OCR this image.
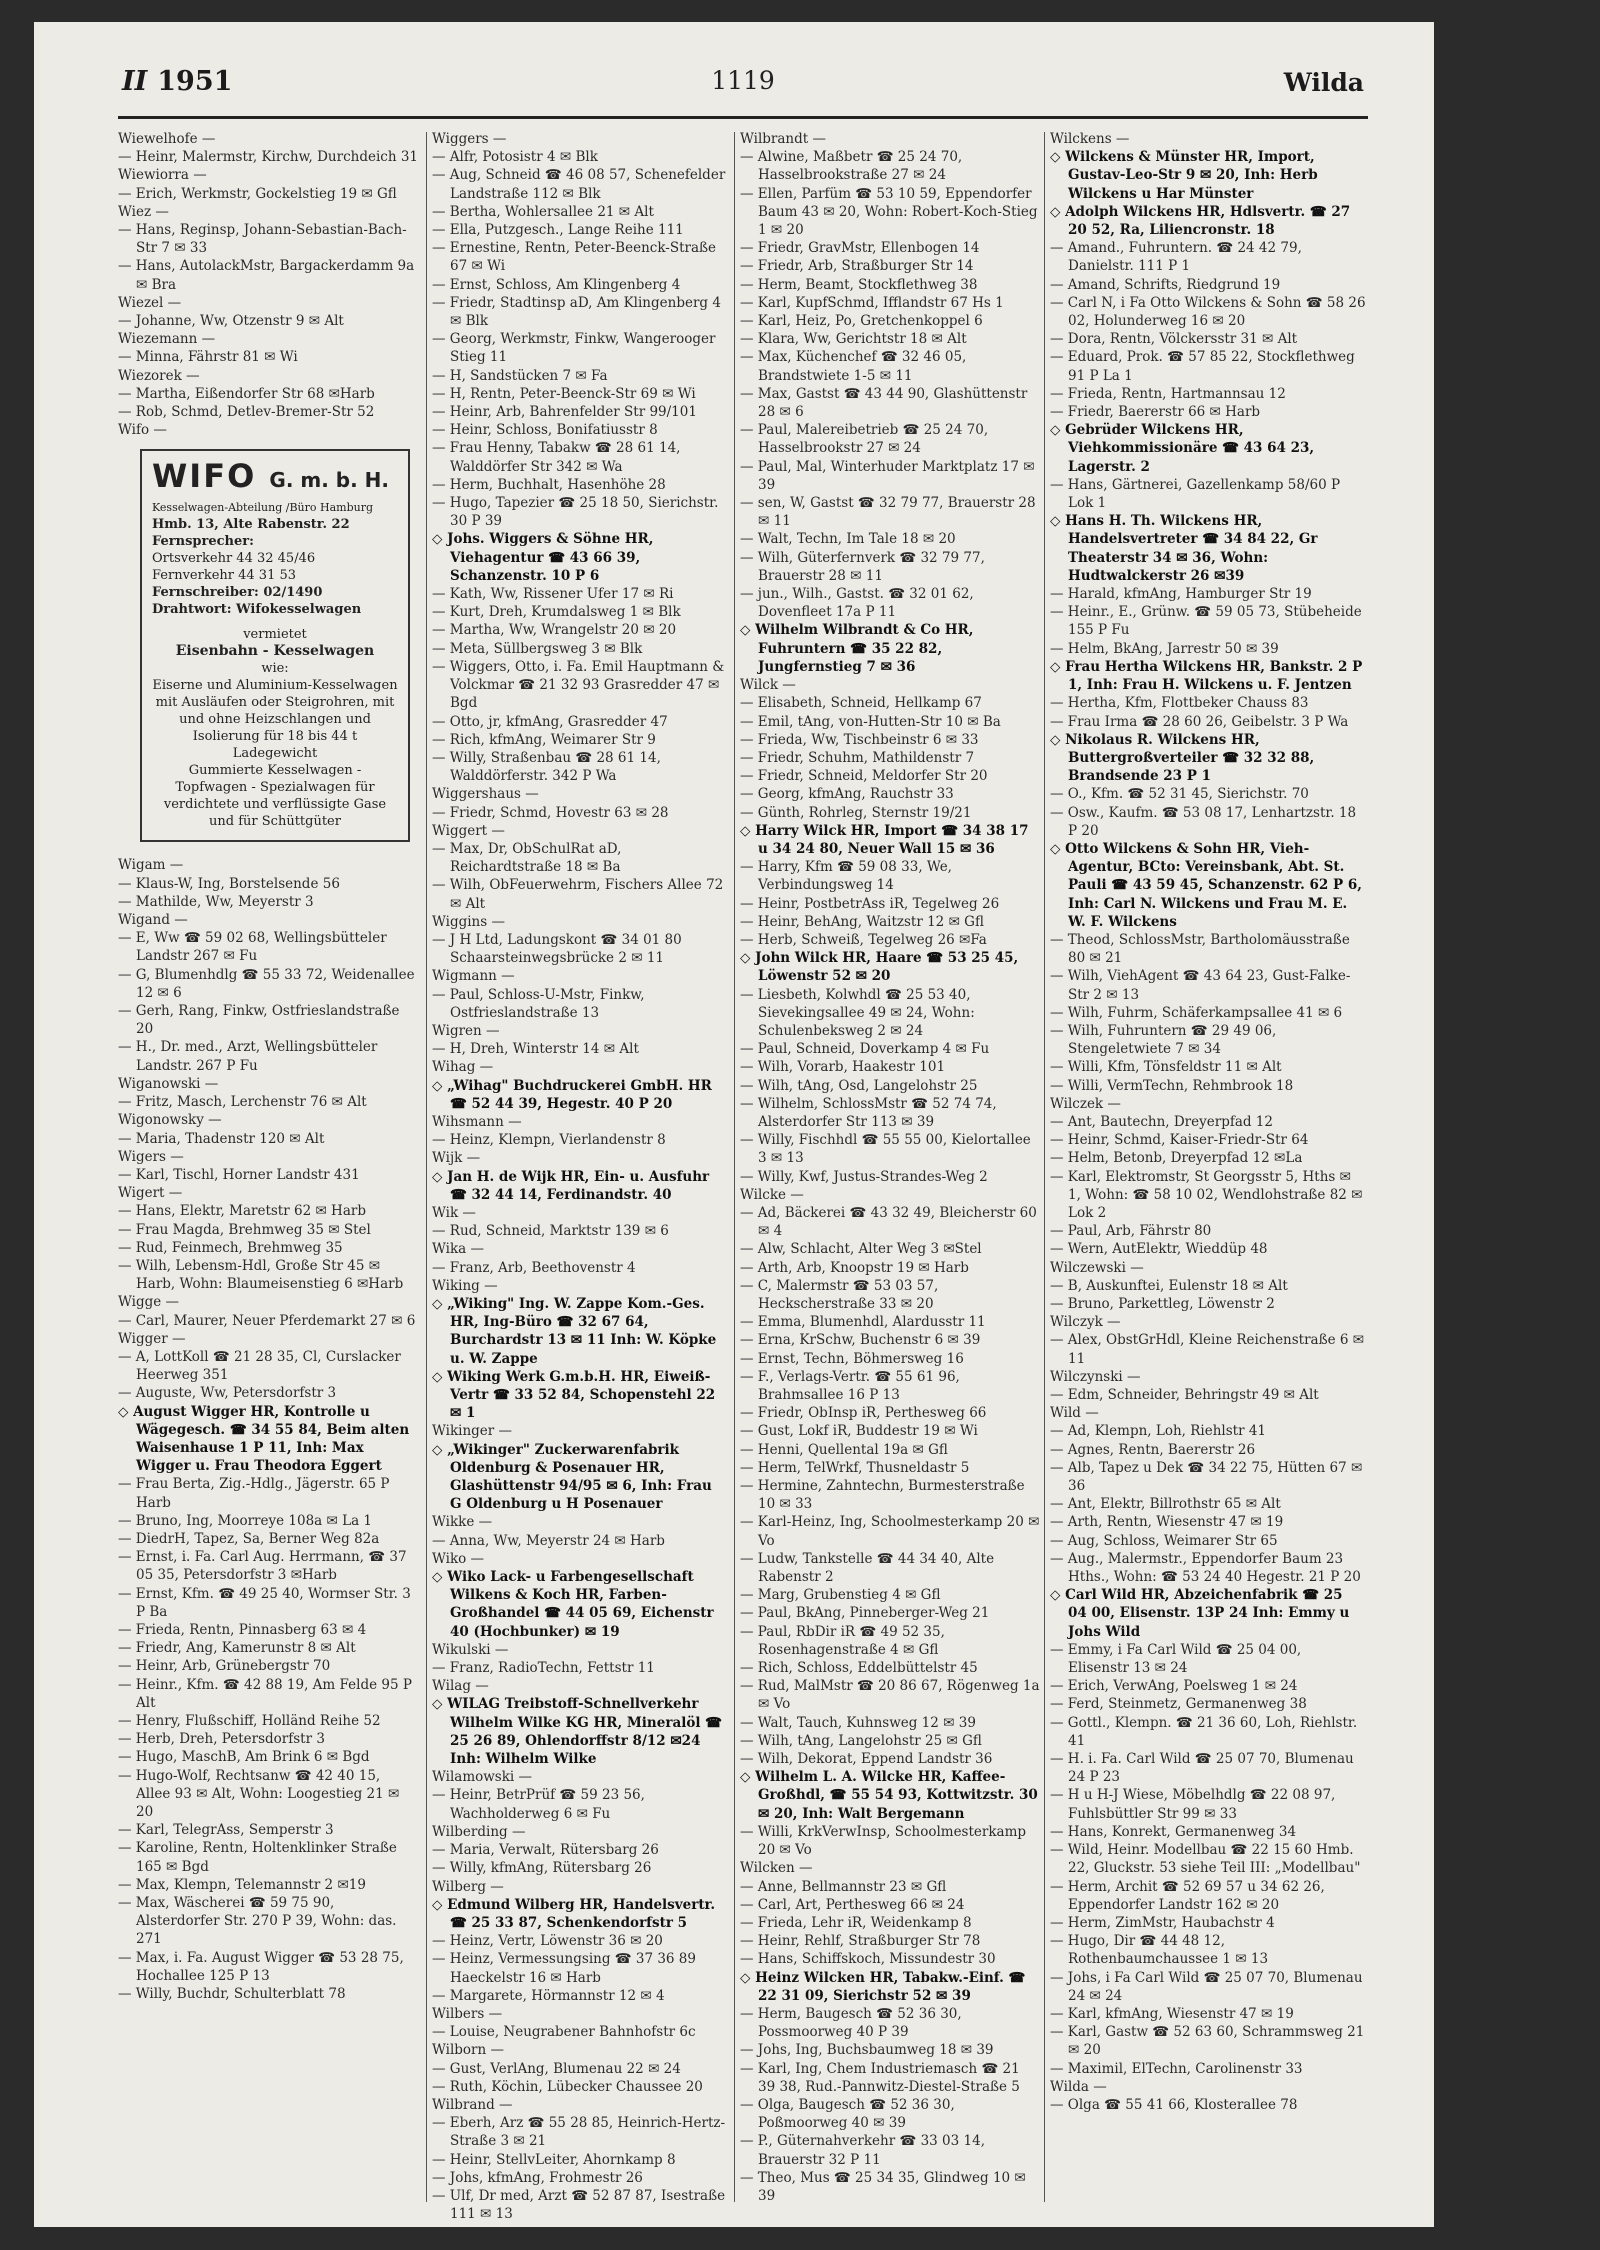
II 1951	1119	Wilda

Wiewelhofe —

— Heinr, Malermstr, Kirchw, Durchdeich 31

Wiewiorra —

— Erich, Werkmstr, Gockelstieg 19 ✉ Gfl

Wiez —

— Hans, Reginsp, Johann-Sebastian-Bach-Str 7 ✉ 33

— Hans, AutolackMstr, Bargackerdamm 9a ✉ Bra

Wiezel —

— Johanne, Ww, Otzenstr 9 ✉ Alt

Wiezemann —

— Minna, Fährstr 81 ✉ Wi

Wiezorek —

— Martha, Eißendorfer Str 68 ✉Harb

— Rob, Schmd, Detlev-Bremer-Str 52

Wifo —

WIFO G. m. b. H.
Kesselwagen-Abteilung /Büro Hamburg
Hmb. 13, Alte Rabenstr. 22
Fernsprecher:
Ortsverkehr 44 32 45/46
Fernverkehr 44 31 53
Fernschreiber: 02/1490
Drahtwort: Wifokesselwagen
vermietet
Eisenbahn - Kesselwagen
wie:
Eiserne und Aluminium-Kesselwagen mit Ausläufen oder Steigrohren, mit und ohne Heizschlangen und Isolierung für 18 bis 44 t Ladegewicht
Gummierte Kesselwagen - Topfwagen - Spezialwagen für verdichtete und verflüssigte Gase und für Schüttgüter

Wigam —

— Klaus-W, Ing, Borstelsende 56

— Mathilde, Ww, Meyerstr 3

Wigand —

— E, Ww ☎ 59 02 68, Wellingsbütteler Landstr 267 ✉ Fu

— G, Blumenhdlg ☎ 55 33 72, Weidenallee 12 ✉ 6

— Gerh, Rang, Finkw, Ostfrieslandstraße 20

— H., Dr. med., Arzt, Wellingsbütteler Landstr. 267 P Fu

Wiganowski —

— Fritz, Masch, Lerchenstr 76 ✉ Alt

Wigonowsky —

— Maria, Thadenstr 120 ✉ Alt

Wigers —

— Karl, Tischl, Horner Landstr 431

Wigert —

— Hans, Elektr, Maretstr 62 ✉ Harb

— Frau Magda, Brehmweg 35 ✉ Stel

— Rud, Feinmech, Brehmweg 35

— Wilh, Lebensm-Hdl, Große Str 45 ✉Harb, Wohn: Blaumeisenstieg 6 ✉Harb

Wigge —

— Carl, Maurer, Neuer Pferdemarkt 27 ✉ 6

Wigger —

— A, LottKoll ☎ 21 28 35, Cl, Curslacker Heerweg 351

— Auguste, Ww, Petersdorfstr 3

◇ August Wigger HR, Kontrolle u Wägegesch. ☎ 34 55 84, Beim alten Waisenhause 1 P 11, Inh: Max Wigger u. Frau Theodora Eggert

— Frau Berta, Zig.-Hdlg., Jägerstr. 65 P Harb

— Bruno, Ing, Moorreye 108a ✉ La 1

— DiedrH, Tapez, Sa, Berner Weg 82a

— Ernst, i. Fa. Carl Aug. Herrmann, ☎ 37 05 35, Petersdorfstr 3 ✉Harb

— Ernst, Kfm. ☎ 49 25 40, Wormser Str. 3 P Ba

— Frieda, Rentn, Pinnasberg 63 ✉ 4

— Friedr, Ang, Kamerunstr 8 ✉ Alt

— Heinr, Arb, Grünebergstr 70

— Heinr., Kfm. ☎ 42 88 19, Am Felde 95 P Alt

— Henry, Flußschiff, Holländ Reihe 52

— Herb, Dreh, Petersdorfstr 3

— Hugo, MaschB, Am Brink 6 ✉ Bgd

— Hugo-Wolf, Rechtsanw ☎ 42 40 15, Allee 93 ✉ Alt, Wohn: Loogestieg 21 ✉ 20

— Karl, TelegrAss, Semperstr 3

— Karoline, Rentn, Holtenklinker Straße 165 ✉ Bgd

— Max, Klempn, Telemannstr 2 ✉19

— Max, Wäscherei ☎ 59 75 90, Alsterdorfer Str. 270 P 39, Wohn: das. 271

— Max, i. Fa. August Wigger ☎ 53 28 75, Hochallee 125 P 13

— Willy, Buchdr, Schulterblatt 78

Wiggers —

— Alfr, Potosistr 4 ✉ Blk

— Aug, Schneid ☎ 46 08 57, Schenefelder Landstraße 112 ✉ Blk

— Bertha, Wohlersallee 21 ✉ Alt

— Ella, Putzgesch., Lange Reihe 111

— Ernestine, Rentn, Peter-Beenck-Straße 67 ✉ Wi

— Ernst, Schloss, Am Klingenberg 4

— Friedr, Stadtinsp aD, Am Klingenberg 4 ✉ Blk

— Georg, Werkmstr, Finkw, Wangerooger Stieg 11

— H, Sandstücken 7 ✉ Fa

— H, Rentn, Peter-Beenck-Str 69 ✉ Wi

— Heinr, Arb, Bahrenfelder Str 99/101

— Heinr, Schloss, Bonifatiusstr 8

— Frau Henny, Tabakw ☎ 28 61 14, Walddörfer Str 342 ✉ Wa

— Herm, Buchhalt, Hasenhöhe 28

— Hugo, Tapezier ☎ 25 18 50, Sierichstr. 30 P 39

◇ Johs. Wiggers & Söhne HR, Viehagentur ☎ 43 66 39, Schanzenstr. 10 P 6

— Kath, Ww, Rissener Ufer 17 ✉ Ri

— Kurt, Dreh, Krumdalsweg 1 ✉ Blk

— Martha, Ww, Wrangelstr 20 ✉ 20

— Meta, Süllbergsweg 3 ✉ Blk

— Wiggers, Otto, i. Fa. Emil Hauptmann & Volckmar ☎ 21 32 93 Grasredder 47 ✉ Bgd

— Otto, jr, kfmAng, Grasredder 47

— Rich, kfmAng, Weimarer Str 9

— Willy, Straßenbau ☎ 28 61 14, Walddörferstr. 342 P Wa

Wiggershaus —

— Friedr, Schmd, Hovestr 63 ✉ 28

Wiggert —

— Max, Dr, ObSchulRat aD, Reichardtstraße 18 ✉ Ba

— Wilh, ObFeuerwehrm, Fischers Allee 72 ✉ Alt

Wiggins —

— J H Ltd, Ladungskont ☎ 34 01 80 Schaarsteinwegsbrücke 2 ✉ 11

Wigmann —

— Paul, Schloss-U-Mstr, Finkw, Ostfrieslandstraße 13

Wigren —

— H, Dreh, Winterstr 14 ✉ Alt

Wihag —

◇ „Wihag" Buchdruckerei GmbH. HR ☎ 52 44 39, Hegestr. 40 P 20

Wihsmann —

— Heinz, Klempn, Vierlandenstr 8

Wijk —

◇ Jan H. de Wijk HR, Ein- u. Ausfuhr ☎ 32 44 14, Ferdinandstr. 40

Wik —

— Rud, Schneid, Marktstr 139 ✉ 6

Wika —

— Franz, Arb, Beethovenstr 4

Wiking —

◇ „Wiking" Ing. W. Zappe Kom.-Ges. HR, Ing-Büro ☎ 32 67 64, Burchardstr 13 ✉ 11 Inh: W. Köpke u. W. Zappe

◇ Wiking Werk G.m.b.H. HR, Eiweiß-Vertr ☎ 33 52 84, Schopenstehl 22 ✉ 1

Wikinger —

◇ „Wikinger" Zuckerwarenfabrik Oldenburg & Posenauer HR, Glashüttenstr 94/95 ✉ 6, Inh: Frau G Oldenburg u H Posenauer

Wikke —

— Anna, Ww, Meyerstr 24 ✉ Harb

Wiko —

◇ Wiko Lack- u Farbengesellschaft Wilkens & Koch HR, Farben-Großhandel ☎ 44 05 69, Eichenstr 40 (Hochbunker) ✉ 19

Wikulski —

— Franz, RadioTechn, Fettstr 11

Wilag —

◇ WILAG Treibstoff-Schnellverkehr Wilhelm Wilke KG HR, Mineralöl ☎ 25 26 89, Ohlendorffstr 8/12 ✉24 Inh: Wilhelm Wilke

Wilamowski —

— Heinr, BetrPrüf ☎ 59 23 56, Wachholderweg 6 ✉ Fu

Wilberding —

— Maria, Verwalt, Rütersbarg 26

— Willy, kfmAng, Rütersbarg 26

Wilberg —

◇ Edmund Wilberg HR, Handelsvertr. ☎ 25 33 87, Schenkendorfstr 5

— Heinz, Vertr, Löwenstr 36 ✉ 20

— Heinz, Vermessungsing ☎ 37 36 89 Haeckelstr 16 ✉ Harb

— Margarete, Hörmannstr 12 ✉ 4

Wilbers —

— Louise, Neugrabener Bahnhofstr 6c

Wilborn —

— Gust, VerlAng, Blumenau 22 ✉ 24

— Ruth, Köchin, Lübecker Chaussee 20

Wilbrand —

— Eberh, Arz ☎ 55 28 85, Heinrich-Hertz-Straße 3 ✉ 21

— Heinr, StellvLeiter, Ahornkamp 8

— Johs, kfmAng, Frohmestr 26

— Ulf, Dr med, Arzt ☎ 52 87 87, Isestraße 111 ✉ 13

Wilbrandt —

— Alwine, Maßbetr ☎ 25 24 70, Hasselbrookstraße 27 ✉ 24

— Ellen, Parfüm ☎ 53 10 59, Eppendorfer Baum 43 ✉ 20, Wohn: Robert-Koch-Stieg 1 ✉ 20

— Friedr, GravMstr, Ellenbogen 14

— Friedr, Arb, Straßburger Str 14

— Herm, Beamt, Stockflethweg 38

— Karl, KupfSchmd, Ifflandstr 67 Hs 1

— Karl, Heiz, Po, Gretchenkoppel 6

— Klara, Ww, Gerichtstr 18 ✉ Alt

— Max, Küchenchef ☎ 32 46 05, Brandstwiete 1-5 ✉ 11

— Max, Gastst ☎ 43 44 90, Glashüttenstr 28 ✉ 6

— Paul, Malereibetrieb ☎ 25 24 70, Hasselbrookstr 27 ✉ 24

— Paul, Mal, Winterhuder Marktplatz 17 ✉ 39

— sen, W, Gastst ☎ 32 79 77, Brauerstr 28 ✉ 11

— Walt, Techn, Im Tale 18 ✉ 20

— Wilh, Güterfernverk ☎ 32 79 77, Brauerstr 28 ✉ 11

— jun., Wilh., Gastst. ☎ 32 01 62, Dovenfleet 17a P 11

◇ Wilhelm Wilbrandt & Co HR, Fuhruntern ☎ 35 22 82, Jungfernstieg 7 ✉ 36

Wilck —

— Elisabeth, Schneid, Hellkamp 67

— Emil, tAng, von-Hutten-Str 10 ✉ Ba

— Frieda, Ww, Tischbeinstr 6 ✉ 33

— Friedr, Schuhm, Mathildenstr 7

— Friedr, Schneid, Meldorfer Str 20

— Georg, kfmAng, Rauchstr 33

— Günth, Rohrleg, Sternstr 19/21

◇ Harry Wilck HR, Import ☎ 34 38 17 u 34 24 80, Neuer Wall 15 ✉ 36

— Harry, Kfm ☎ 59 08 33, We, Verbindungsweg 14

— Heinr, PostbetrAss iR, Tegelweg 26

— Heinr, BehAng, Waitzstr 12 ✉ Gfl

— Herb, Schweiß, Tegelweg 26 ✉Fa

◇ John Wilck HR, Haare ☎ 53 25 45, Löwenstr 52 ✉ 20

— Liesbeth, Kolwhdl ☎ 25 53 40, Sievekingsallee 49 ✉ 24, Wohn: Schulenbeksweg 2 ✉ 24

— Paul, Schneid, Doverkamp 4 ✉ Fu

— Wilh, Vorarb, Haakestr 101

— Wilh, tAng, Osd, Langelohstr 25

— Wilhelm, SchlossMstr ☎ 52 74 74, Alsterdorfer Str 113 ✉ 39

— Willy, Fischhdl ☎ 55 55 00, Kielortallee 3 ✉ 13

— Willy, Kwf, Justus-Strandes-Weg 2

Wilcke —

— Ad, Bäckerei ☎ 43 32 49, Bleicherstr 60 ✉ 4

— Alw, Schlacht, Alter Weg 3 ✉Stel

— Arth, Arb, Knoopstr 19 ✉ Harb

— C, Malermstr ☎ 53 03 57, Heckscherstraße 33 ✉ 20

— Emma, Blumenhdl, Alardusstr 11

— Erna, KrSchw, Buchenstr 6 ✉ 39

— Ernst, Techn, Böhmersweg 16

— F., Verlags-Vertr. ☎ 55 61 96, Brahmsallee 16 P 13

— Friedr, ObInsp iR, Perthesweg 66

— Gust, Lokf iR, Buddestr 19 ✉ Wi

— Henni, Quellental 19a ✉ Gfl

— Herm, TelWrkf, Thusneldastr 5

— Hermine, Zahntechn, Burmesterstraße 10 ✉ 33

— Karl-Heinz, Ing, Schoolmesterkamp 20 ✉ Vo

— Ludw, Tankstelle ☎ 44 34 40, Alte Rabenstr 2

— Marg, Grubenstieg 4 ✉ Gfl

— Paul, BkAng, Pinneberger-Weg 21

— Paul, RbDir iR ☎ 49 52 35, Rosenhagenstraße 4 ✉ Gfl

— Rich, Schloss, Eddelbüttelstr 45

— Rud, MalMstr ☎ 20 86 67, Rögenweg 1a ✉ Vo

— Walt, Tauch, Kuhnsweg 12 ✉ 39

— Wilh, tAng, Langelohstr 25 ✉ Gfl

— Wilh, Dekorat, Eppend Landstr 36

◇ Wilhelm L. A. Wilcke HR, Kaffee-Großhdl, ☎ 55 54 93, Kottwitzstr. 30 ✉ 20, Inh: Walt Bergemann

— Willi, KrkVerwInsp, Schoolmesterkamp 20 ✉ Vo

Wilcken —

— Anne, Bellmannstr 23 ✉ Gfl

— Carl, Art, Perthesweg 66 ✉ 24

— Frieda, Lehr iR, Weidenkamp 8

— Heinr, Rehlf, Straßburger Str 78

— Hans, Schiffskoch, Missundestr 30

◇ Heinz Wilcken HR, Tabakw.-Einf. ☎ 22 31 09, Sierichstr 52 ✉ 39

— Herm, Baugesch ☎ 52 36 30, Possmoorweg 40 P 39

— Johs, Ing, Buchsbaumweg 18 ✉ 39

— Karl, Ing, Chem Industriemasch ☎ 21 39 38, Rud.-Pannwitz-Diestel-Straße 5

— Olga, Baugesch ☎ 52 36 30, Poßmoorweg 40 ✉ 39

— P., Güternahverkehr ☎ 33 03 14, Brauerstr 32 P 11

— Theo, Mus ☎ 25 34 35, Glindweg 10 ✉ 39

Wilckens —

◇ Wilckens & Münster HR, Import, Gustav-Leo-Str 9 ✉ 20, Inh: Herb Wilckens u Har Münster

◇ Adolph Wilckens HR, Hdlsvertr. ☎ 27 20 52, Ra, Liliencronstr. 18

— Amand., Fuhruntern. ☎ 24 42 79, Danielstr. 111 P 1

— Amand, Schrifts, Riedgrund 19

— Carl N, i Fa Otto Wilckens & Sohn ☎ 58 26 02, Holunderweg 16 ✉ 20

— Dora, Rentn, Völckersstr 31 ✉ Alt

— Eduard, Prok. ☎ 57 85 22, Stockflethweg 91 P La 1

— Frieda, Rentn, Hartmannsau 12

— Friedr, Baererstr 66 ✉ Harb

◇ Gebrüder Wilckens HR, Viehkommissionäre ☎ 43 64 23, Lagerstr. 2

— Hans, Gärtnerei, Gazellenkamp 58/60 P Lok 1

◇ Hans H. Th. Wilckens HR, Handelsvertreter ☎ 34 84 22, Gr Theaterstr 34 ✉ 36, Wohn: Hudtwalckerstr 26 ✉39

— Harald, kfmAng, Hamburger Str 19

— Heinr., E., Grünw. ☎ 59 05 73, Stübeheide 155 P Fu

— Helm, BkAng, Jarrestr 50 ✉ 39

◇ Frau Hertha Wilckens HR, Bankstr. 2 P 1, Inh: Frau H. Wilckens u. F. Jentzen

— Hertha, Kfm, Flottbeker Chauss 83

— Frau Irma ☎ 28 60 26, Geibelstr. 3 P Wa

◇ Nikolaus R. Wilckens HR, Buttergroßverteiler ☎ 32 32 88, Brandsende 23 P 1

— O., Kfm. ☎ 52 31 45, Sierichstr. 70

— Osw., Kaufm. ☎ 53 08 17, Lenhartzstr. 18 P 20

◇ Otto Wilckens & Sohn HR, Vieh-Agentur, BCto: Vereinsbank, Abt. St. Pauli ☎ 43 59 45, Schanzenstr. 62 P 6, Inh: Carl N. Wilckens und Frau M. E. W. F. Wilckens

— Theod, SchlossMstr, Bartholomäusstraße 80 ✉ 21

— Wilh, ViehAgent ☎ 43 64 23, Gust-Falke-Str 2 ✉ 13

— Wilh, Fuhrm, Schäferkampsallee 41 ✉ 6

— Wilh, Fuhruntern ☎ 29 49 06, Stengeletwiete 7 ✉ 34

— Willi, Kfm, Tönsfeldstr 11 ✉ Alt

— Willi, VermTechn, Rehmbrook 18

Wilczek —

— Ant, Bautechn, Dreyerpfad 12

— Heinr, Schmd, Kaiser-Friedr-Str 64

— Helm, Betonb, Dreyerpfad 12 ✉La

— Karl, Elektromstr, St Georgsstr 5, Hths ✉ 1, Wohn: ☎ 58 10 02, Wendlohstraße 82 ✉ Lok 2

— Paul, Arb, Fährstr 80

— Wern, AutElektr, Wieddüp 48

Wilczewski —

— B, Auskunftei, Eulenstr 18 ✉ Alt

— Bruno, Parkettleg, Löwenstr 2

Wilczyk —

— Alex, ObstGrHdl, Kleine Reichenstraße 6 ✉ 11

Wilczynski —

— Edm, Schneider, Behringstr 49 ✉ Alt

Wild —

— Ad, Klempn, Loh, Riehlstr 41

— Agnes, Rentn, Baererstr 26

— Alb, Tapez u Dek ☎ 34 22 75, Hütten 67 ✉ 36

— Ant, Elektr, Billrothstr 65 ✉ Alt

— Arth, Rentn, Wiesenstr 47 ✉ 19

— Aug, Schloss, Weimarer Str 65

— Aug., Malermstr., Eppendorfer Baum 23 Hths., Wohn: ☎ 53 24 40 Hegestr. 21 P 20

◇ Carl Wild HR, Abzeichenfabrik ☎ 25 04 00, Elisenstr. 13P 24 Inh: Emmy u Johs Wild

— Emmy, i Fa Carl Wild ☎ 25 04 00, Elisenstr 13 ✉ 24

— Erich, VerwAng, Poelsweg 1 ✉ 24

— Ferd, Steinmetz, Germanenweg 38

— Gottl., Klempn. ☎ 21 36 60, Loh, Riehlstr. 41

— H. i. Fa. Carl Wild ☎ 25 07 70, Blumenau 24 P 23

— H u H-J Wiese, Möbelhdlg ☎ 22 08 97, Fuhlsbüttler Str 99 ✉ 33

— Hans, Konrekt, Germanenweg 34

— Wild, Heinr. Modellbau ☎ 22 15 60 Hmb. 22, Gluckstr. 53 siehe Teil III: „Modellbau"

— Herm, Archit ☎ 52 69 57 u 34 62 26, Eppendorfer Landstr 162 ✉ 20

— Herm, ZimMstr, Haubachstr 4

— Hugo, Dir ☎ 44 48 12, Rothenbaumchaussee 1 ✉ 13

— Johs, i Fa Carl Wild ☎ 25 07 70, Blumenau 24 ✉ 24

— Karl, kfmAng, Wiesenstr 47 ✉ 19

— Karl, Gastw ☎ 52 63 60, Schrammsweg 21 ✉ 20

— Maximil, ElTechn, Carolinenstr 33

Wilda —

— Olga ☎ 55 41 66, Klosterallee 78
